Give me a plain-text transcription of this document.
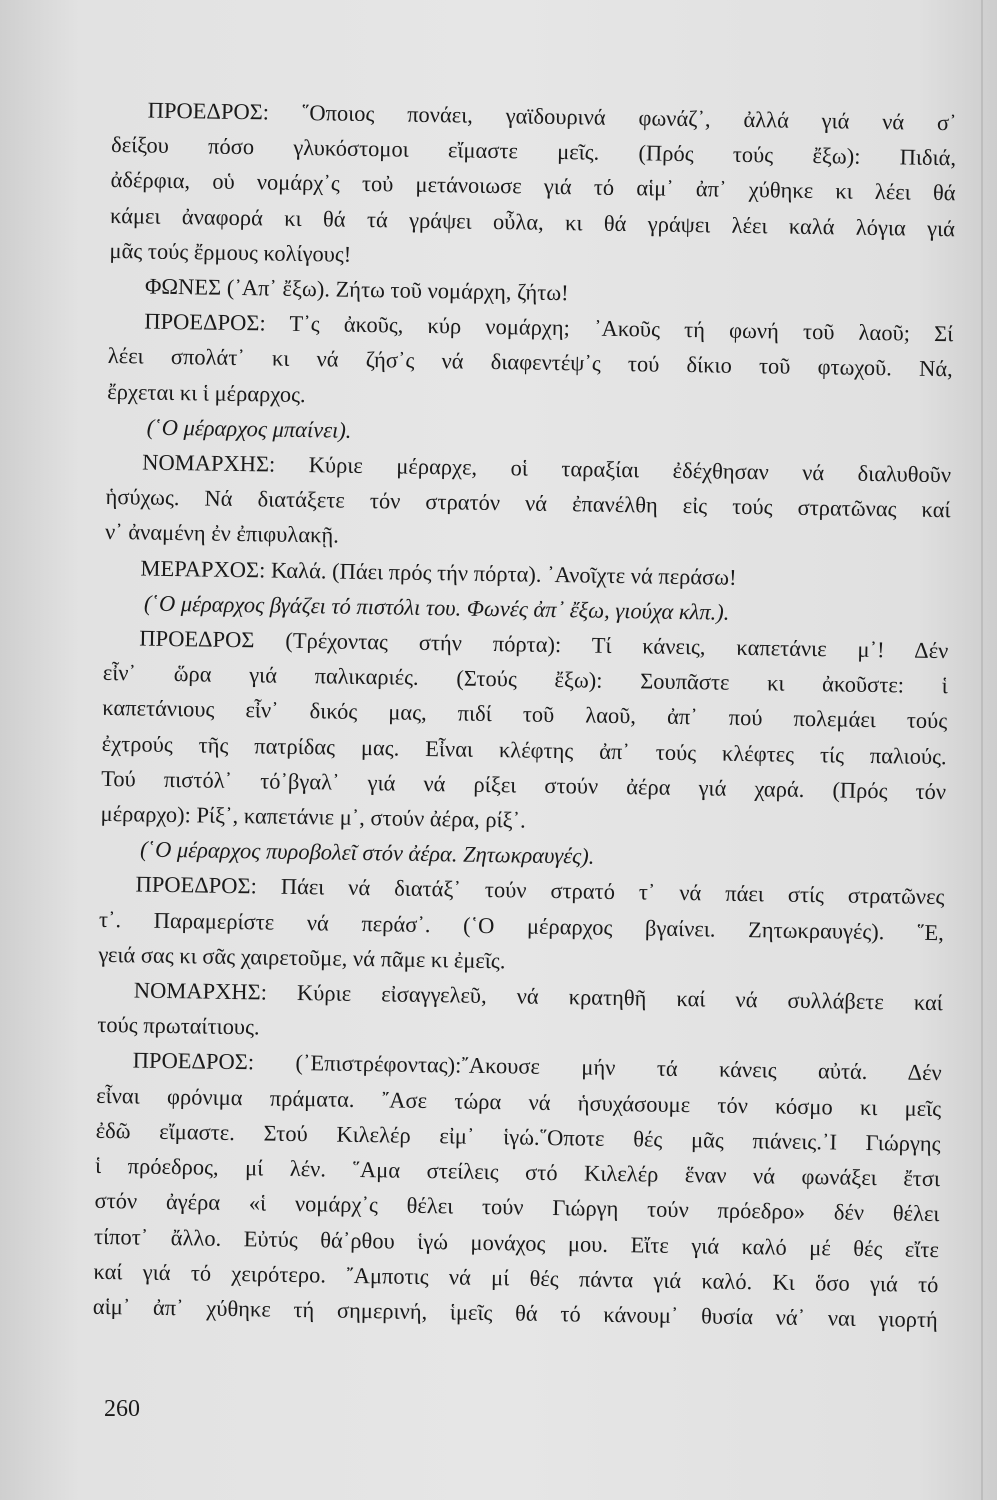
ΠΡΟΕΔΡΟΣ: ῞Οποιος πονάει, γαϊδουρινά φωνάζ᾽, ἀλλά γιά νά σ᾽
δείξου πόσο γλυκόστομοι εἴμαστε μεῖς. (Πρός τούς ἔξω): Πιδιά,
ἀδέρφια, οὑ νομάρχ᾽ς τοὐ μετάνοιωσε γιά τό αἱμ᾽ ἀπ᾽ χύθηκε κι λέει θά
κάμει ἀναφορά κι θά τά γράψει οὖλα, κι θά γράψει λέει καλά λόγια γιά
μᾶς τούς ἔρμους κολίγους!
ΦΩΝΕΣ (᾽Απ᾽ ἔξω). Ζήτω τοῦ νομάρχη, ζήτω!
ΠΡΟΕΔΡΟΣ: Τ᾽ς ἀκοῦς, κύρ νομάρχη; ᾽Ακοῦς τή φωνή τοῦ λαοῦ; Σί
λέει σπολάτ᾽ κι νά ζήσ᾽ς νά διαφεντέψ᾽ς τού δίκιο τοῦ φτωχοῦ. Νά,
ἔρχεται κι ἱ μέραρχος.
(῾Ο μέραρχος μπαίνει).
ΝΟΜΑΡΧΗΣ: Κύριε μέραρχε, οἱ ταραξίαι ἐδέχθησαν νά διαλυθοῦν
ἡσύχως. Νά διατάξετε τόν στρατόν νά ἐπανέλθη εἰς τούς στρατῶνας καί
ν᾽ ἀναμένη ἐν ἐπιφυλακῇ.
ΜΕΡΑΡΧΟΣ: Καλά. (Πάει πρός τήν πόρτα). ᾽Ανοῖχτε νά περάσω!
(῾Ο μέραρχος βγάζει τό πιστόλι του. Φωνές ἀπ᾽ ἔξω, γιούχα κλπ.).
ΠΡΟΕΔΡΟΣ (Τρέχοντας στήν πόρτα): Τί κάνεις, καπετάνιε μ᾽! Δέν
εἶν᾽ ὥρα γιά παλικαριές. (Στούς ἔξω): Σουπᾶστε κι ἀκοῦστε: ἱ
καπετάνιους εἶν᾽ δικός μας, πιδί τοῦ λαοῦ, ἀπ᾽ πού πολεμάει τούς
ἐχτρούς τῆς πατρίδας μας. Εἶναι κλέφτης ἀπ᾽ τούς κλέφτες τίς παλιούς.
Τού πιστόλ᾽ τό᾽βγαλ᾽ γιά νά ρίξει στούν ἀέρα γιά χαρά. (Πρός τόν
μέραρχο): Ρίξ᾽, καπετάνιε μ᾽, στούν ἀέρα, ρίξ᾽.
(῾Ο μέραρχος πυροβολεῖ στόν ἀέρα. Ζητωκραυγές).
ΠΡΟΕΔΡΟΣ: Πάει νά διατάξ᾽ τούν στρατό τ᾽ νά πάει στίς στρατῶνες
τ᾽. Παραμερίστε νά περάσ᾽. (῾Ο μέραρχος βγαίνει. Ζητωκραυγές). ῞Ε,
γειά σας κι σᾶς χαιρετοῦμε, νά πᾶμε κι ἐμεῖς.
ΝΟΜΑΡΧΗΣ: Κύριε εἰσαγγελεῦ, νά κρατηθῆ καί νά συλλάβετε καί
τούς πρωταίτιους.
ΠΡΟΕΔΡΟΣ: (᾽Επιστρέφοντας):῎Ακουσε μήν τά κάνεις αὐτά. Δέν
εἶναι φρόνιμα πράματα. ῎Ασε τώρα νά ἡσυχάσουμε τόν κόσμο κι μεῖς
ἐδῶ εἴμαστε. Στού Κιλελέρ εἰμ᾽ ἱγώ.῞Οποτε θές μᾶς πιάνεις.᾽Ι Γιώργης
ἱ πρόεδρος, μί λέν. ῞Αμα στείλεις στό Κιλελέρ ἕναν νά φωνάξει ἔτσι
στόν ἀγέρα «ἱ νομάρχ᾽ς θέλει τούν Γιώργη τούν πρόεδρο» δέν θέλει
τίποτ᾽ ἄλλο. Εὐτύς θά᾽ρθου ἱγώ μονάχος μου. Εἴτε γιά καλό μέ θές εἴτε
καί γιά τό χειρότερο. ῎Αμποτις νά μί θές πάντα γιά καλό. Κι ὅσο γιά τό
αἱμ᾽ ἀπ᾽ χύθηκε τή σημερινή, ἱμεῖς θά τό κάνουμ᾽ θυσία νά᾽ ναι γιορτή
260
